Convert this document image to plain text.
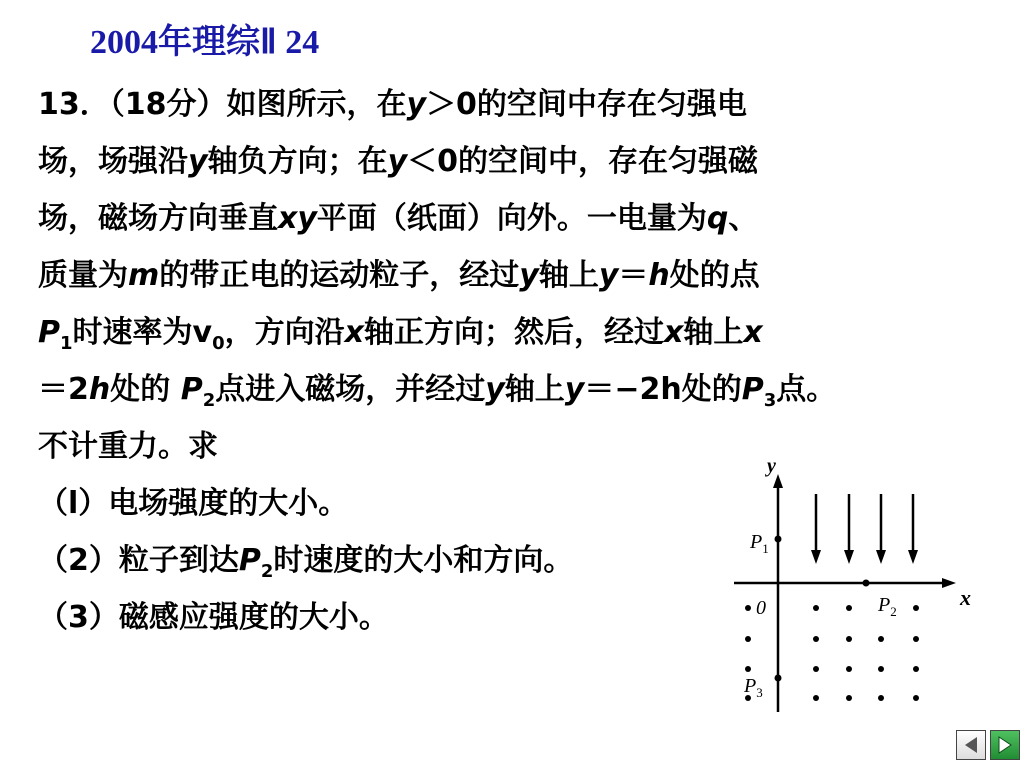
2004年理综Ⅱ 24
13．（18分）如图所示，在y＞0的空间中存在匀强电
场，场强沿y轴负方向；在y＜0的空间中，存在匀强磁
场，磁场方向垂直xy平面（纸面）向外。一电量为q、
质量为m的带正电的运动粒子，经过y轴上y＝h处的点
$P_1$时速率为$v_0$，方向沿x轴正方向；然后，经过x轴上x
＝2h处的 $P_2$点进入磁场，并经过y轴上y＝−2h处的$P_3$点。
不计重力。求
（l）电场强度的大小。
（2）粒子到达$P_2$时速度的大小和方向。
（3）磁感应强度的大小。
y
x
0
$P_1$
$P_2$
$P_3$
